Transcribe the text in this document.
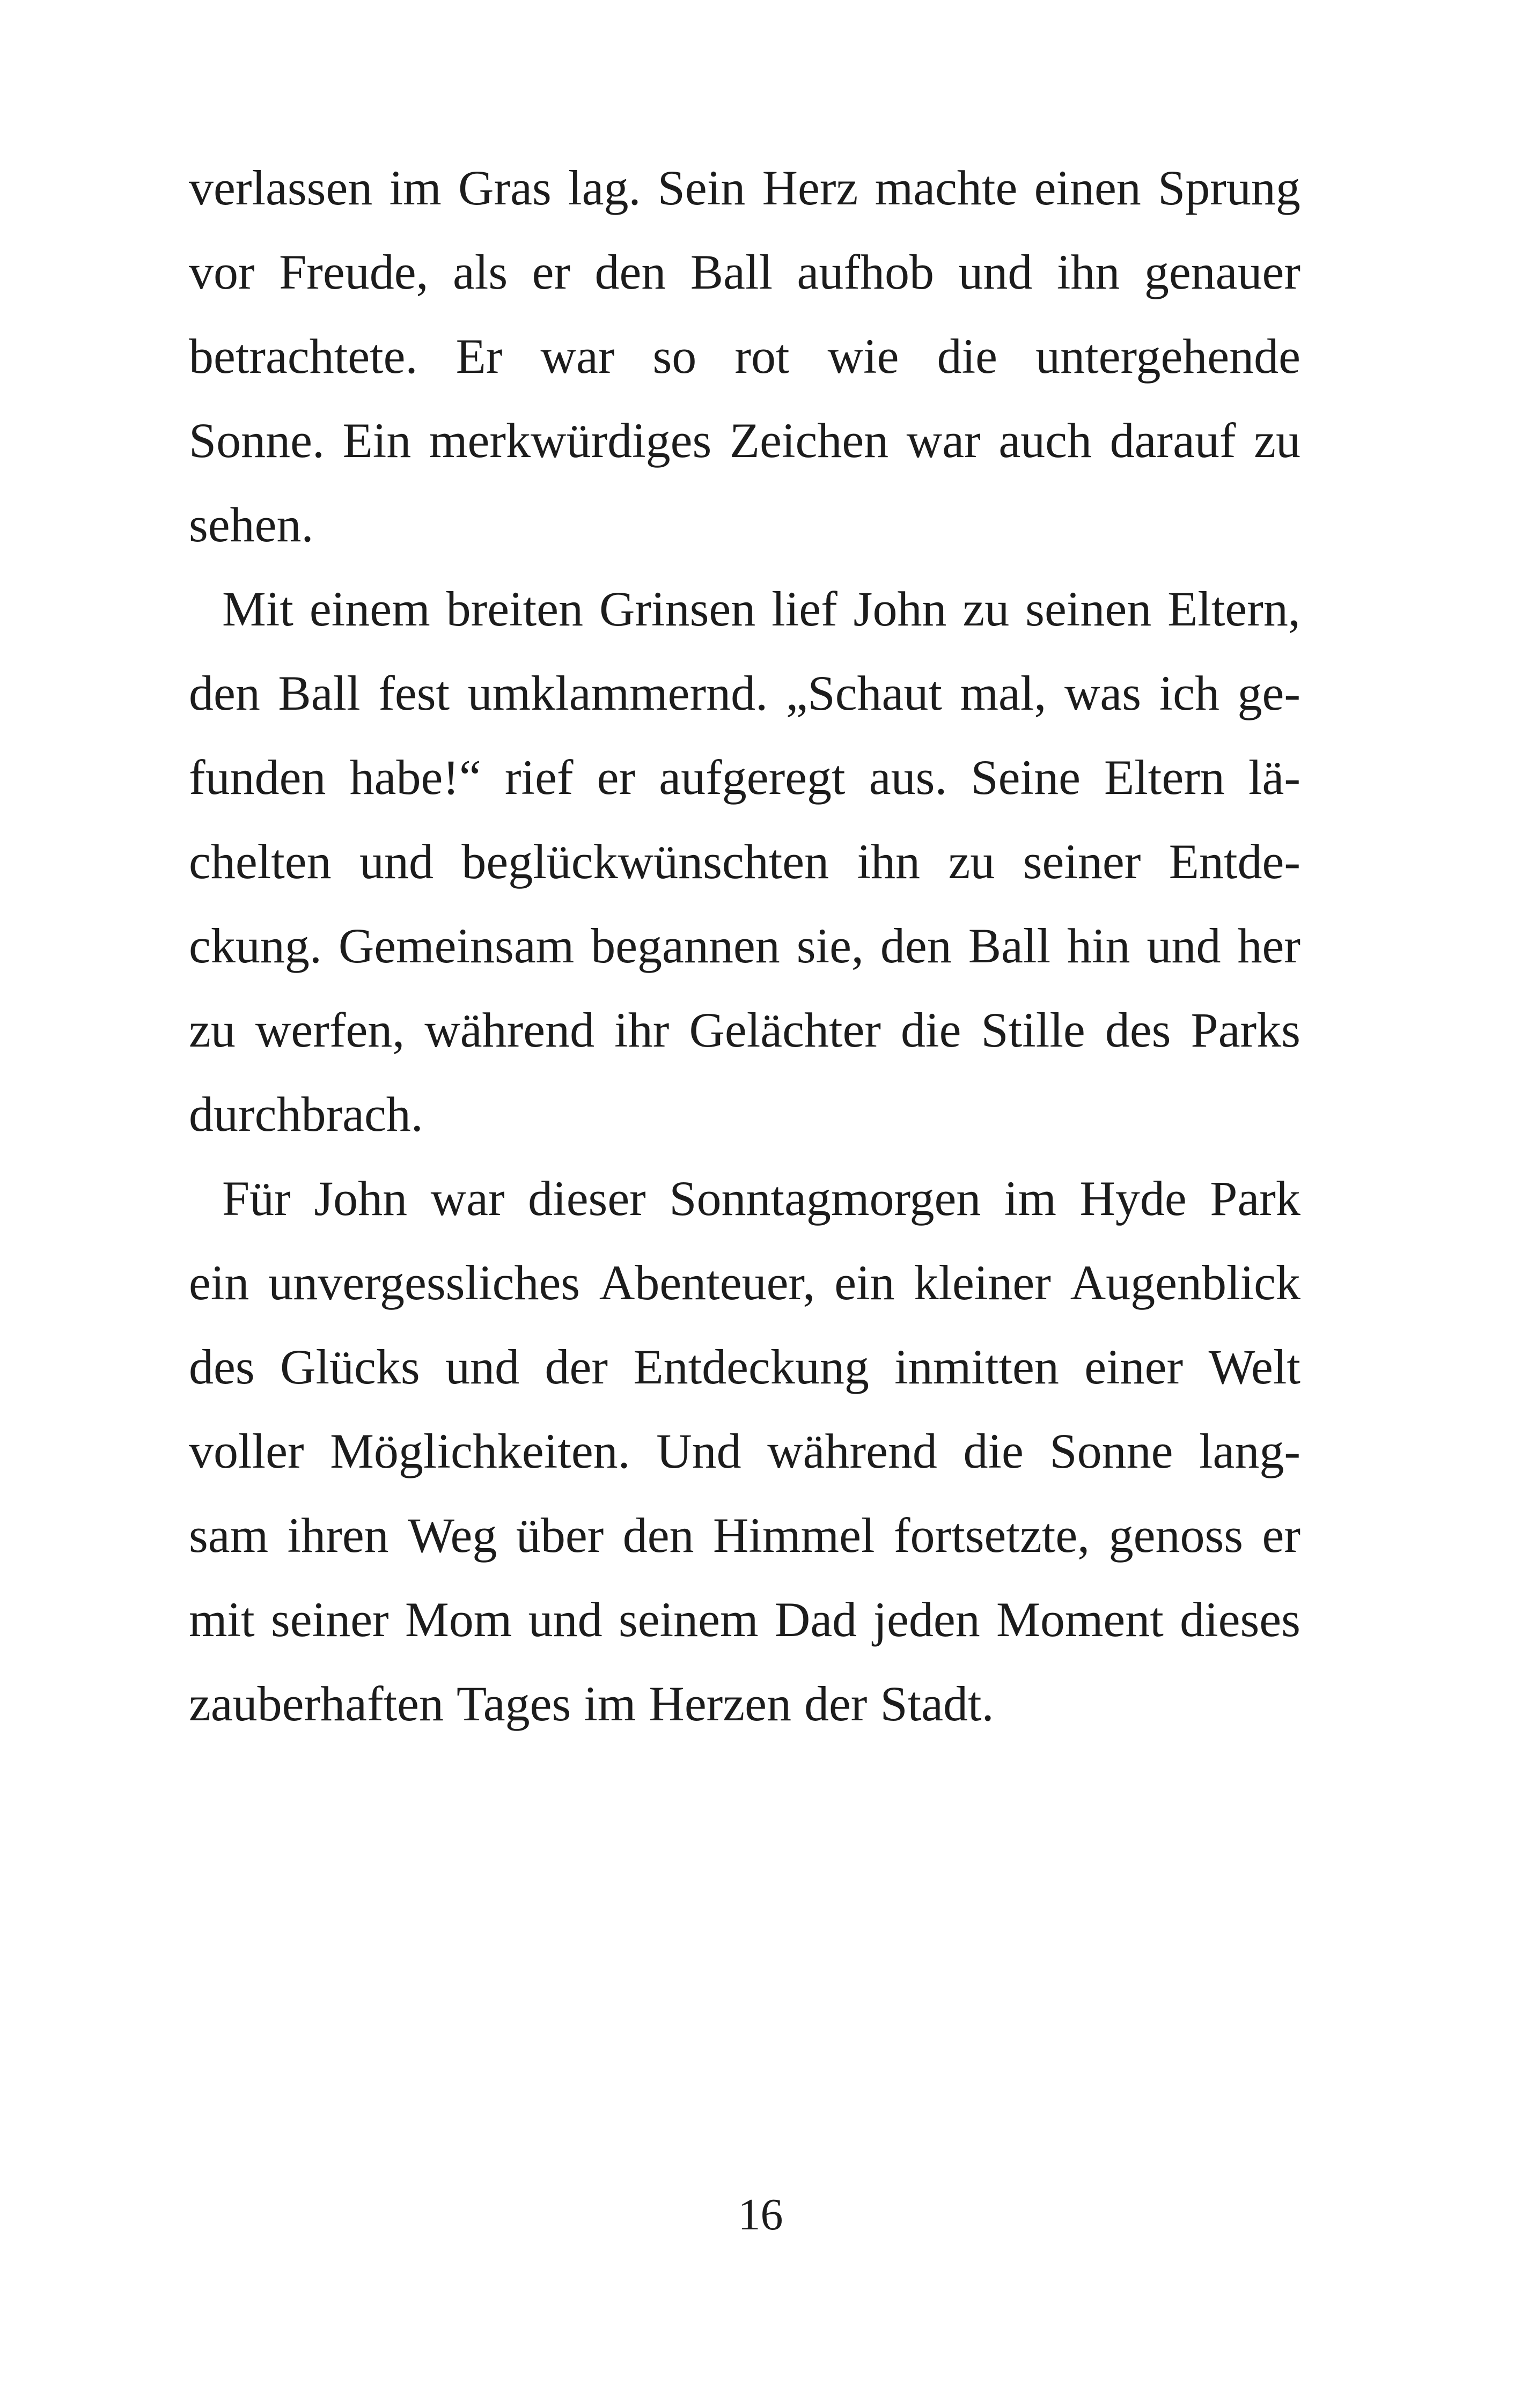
verlassen im Gras lag. Sein Herz machte einen Sprung
vor Freude, als er den Ball aufhob und ihn genauer
betrachtete. Er war so rot wie die untergehende
Sonne. Ein merkwürdiges Zeichen war auch darauf zu
sehen.
Mit einem breiten Grinsen lief John zu seinen Eltern,
den Ball fest umklammernd. „Schaut mal, was ich ge-
funden habe!“ rief er aufgeregt aus. Seine Eltern lä-
chelten und beglückwünschten ihn zu seiner Entde-
ckung. Gemeinsam begannen sie, den Ball hin und her
zu werfen, während ihr Gelächter die Stille des Parks
durchbrach.
Für John war dieser Sonntagmorgen im Hyde Park
ein unvergessliches Abenteuer, ein kleiner Augenblick
des Glücks und der Entdeckung inmitten einer Welt
voller Möglichkeiten. Und während die Sonne lang-
sam ihren Weg über den Himmel fortsetzte, genoss er
mit seiner Mom und seinem Dad jeden Moment dieses
zauberhaften Tages im Herzen der Stadt.
16
